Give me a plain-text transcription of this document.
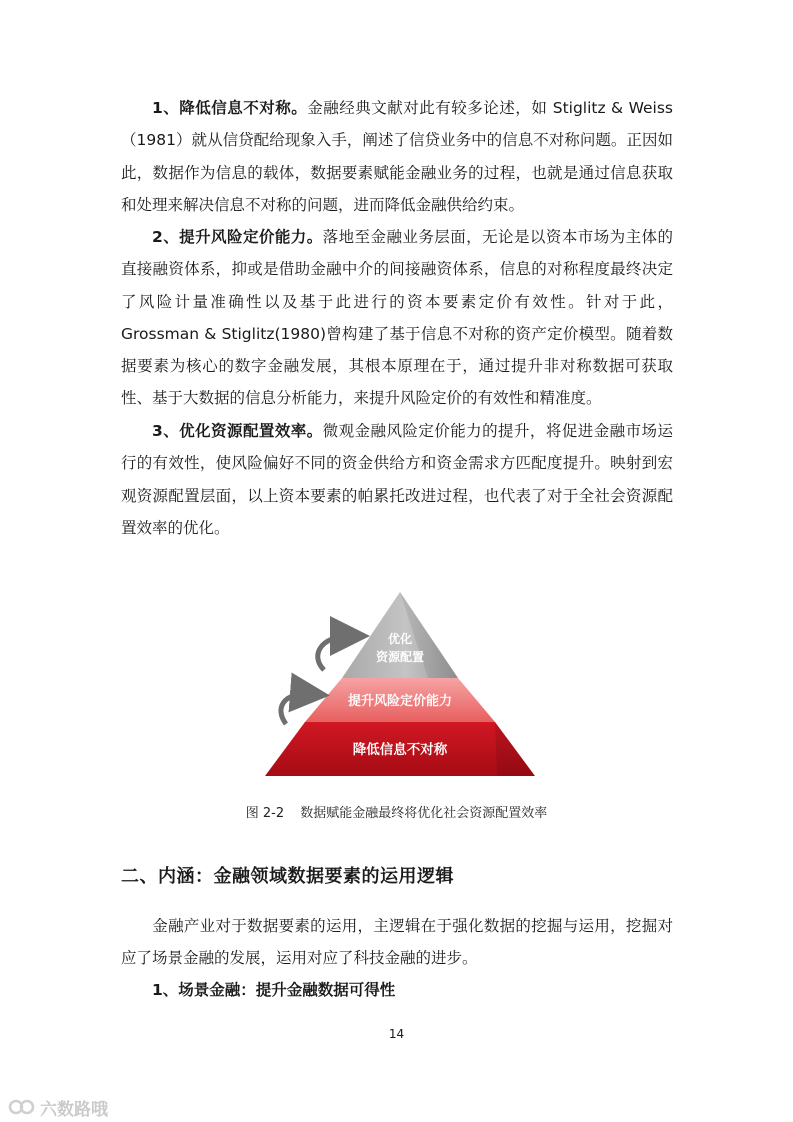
1、降低信息不对称。金融经典文献对此有较多论述，如 Stiglitz & Weiss（1981）就从信贷配给现象入手，阐述了信贷业务中的信息不对称问题。正因如此，数据作为信息的载体，数据要素赋能金融业务的过程，也就是通过信息获取和处理来解决信息不对称的问题，进而降低金融供给约束。

2、提升风险定价能力。落地至金融业务层面，无论是以资本市场为主体的直接融资体系，抑或是借助金融中介的间接融资体系，信息的对称程度最终决定了风险计量准确性以及基于此进行的资本要素定价有效性。针对于此，Grossman & Stiglitz(1980)曾构建了基于信息不对称的资产定价模型。随着数据要素为核心的数字金融发展，其根本原理在于，通过提升非对称数据可获取性、基于大数据的信息分析能力，来提升风险定价的有效性和精准度。

3、优化资源配置效率。微观金融风险定价能力的提升，将促进金融市场运行的有效性，使风险偏好不同的资金供给方和资金需求方匹配度提升。映射到宏观资源配置层面，以上资本要素的帕累托改进过程，也代表了对于全社会资源配置效率的优化。

优化
资源配置
提升风险定价能力
降低信息不对称
图 2-2 数据赋能金融最终将优化社会资源配置效率
二、内涵：金融领域数据要素的运用逻辑

金融产业对于数据要素的运用，主逻辑在于强化数据的挖掘与运用，挖掘对应了场景金融的发展，运用对应了科技金融的进步。

1、场景金融：提升金融数据可得性
14
六数路哦
